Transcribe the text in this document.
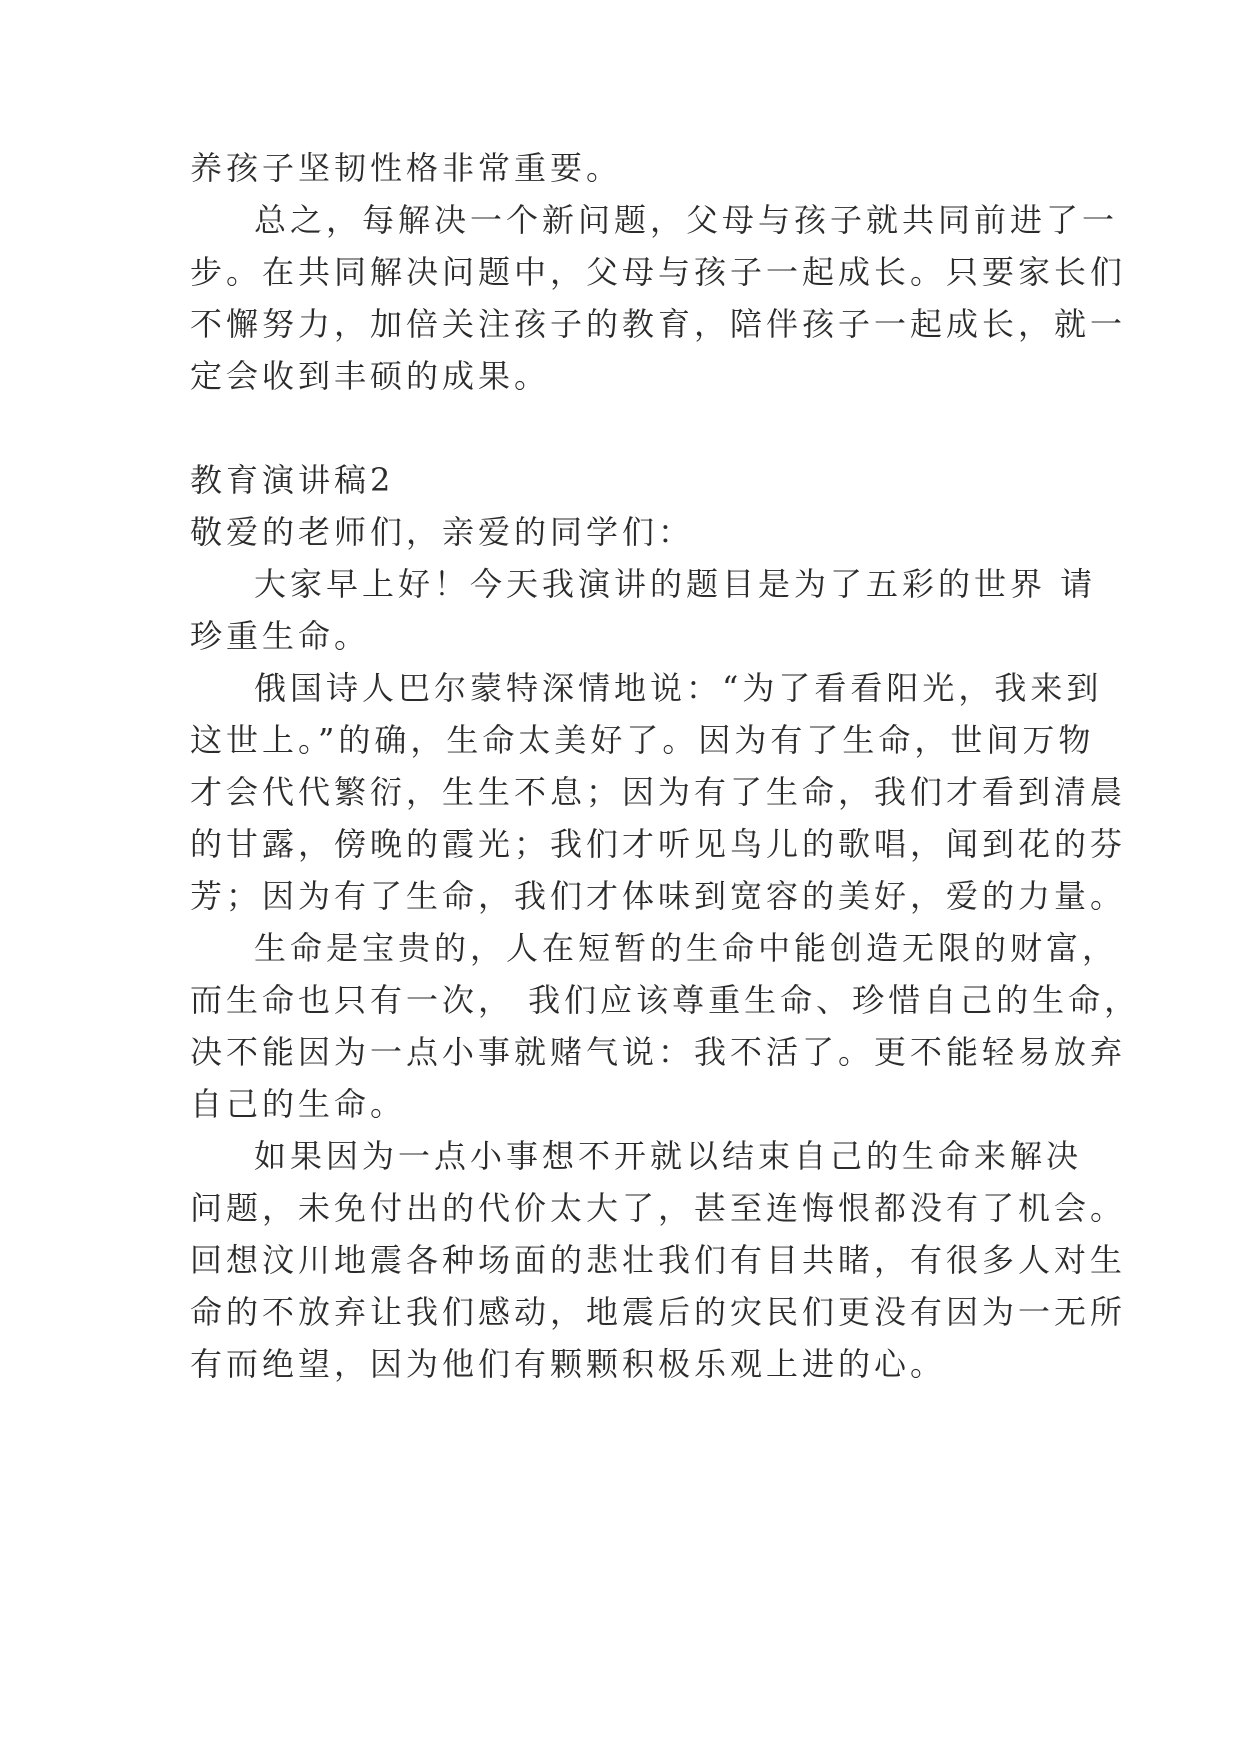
养孩子坚韧性格非常重要。
总之，每解决一个新问题，父母与孩子就共同前进了一
步。在共同解决问题中，父母与孩子一起成长。只要家长们
不懈努力，加倍关注孩子的教育，陪伴孩子一起成长，就一
定会收到丰硕的成果。
教育演讲稿2
敬爱的老师们，亲爱的同学们：
大家早上好！今天我演讲的题目是为了五彩的世界 请
珍重生命。
俄国诗人巴尔蒙特深情地说：“为了看看阳光，我来到
这世上。”的确，生命太美好了。因为有了生命，世间万物
才会代代繁衍，生生不息；因为有了生命，我们才看到清晨
的甘露，傍晚的霞光；我们才听见鸟儿的歌唱，闻到花的芬
芳；因为有了生命，我们才体味到宽容的美好，爱的力量。
生命是宝贵的，人在短暂的生命中能创造无限的财富，
而生命也只有一次， 我们应该尊重生命、珍惜自己的生命，
决不能因为一点小事就赌气说：我不活了。更不能轻易放弃
自己的生命。
如果因为一点小事想不开就以结束自己的生命来解决
问题，未免付出的代价太大了，甚至连悔恨都没有了机会。
回想汶川地震各种场面的悲壮我们有目共睹，有很多人对生
命的不放弃让我们感动，地震后的灾民们更没有因为一无所
有而绝望，因为他们有颗颗积极乐观上进的心。
